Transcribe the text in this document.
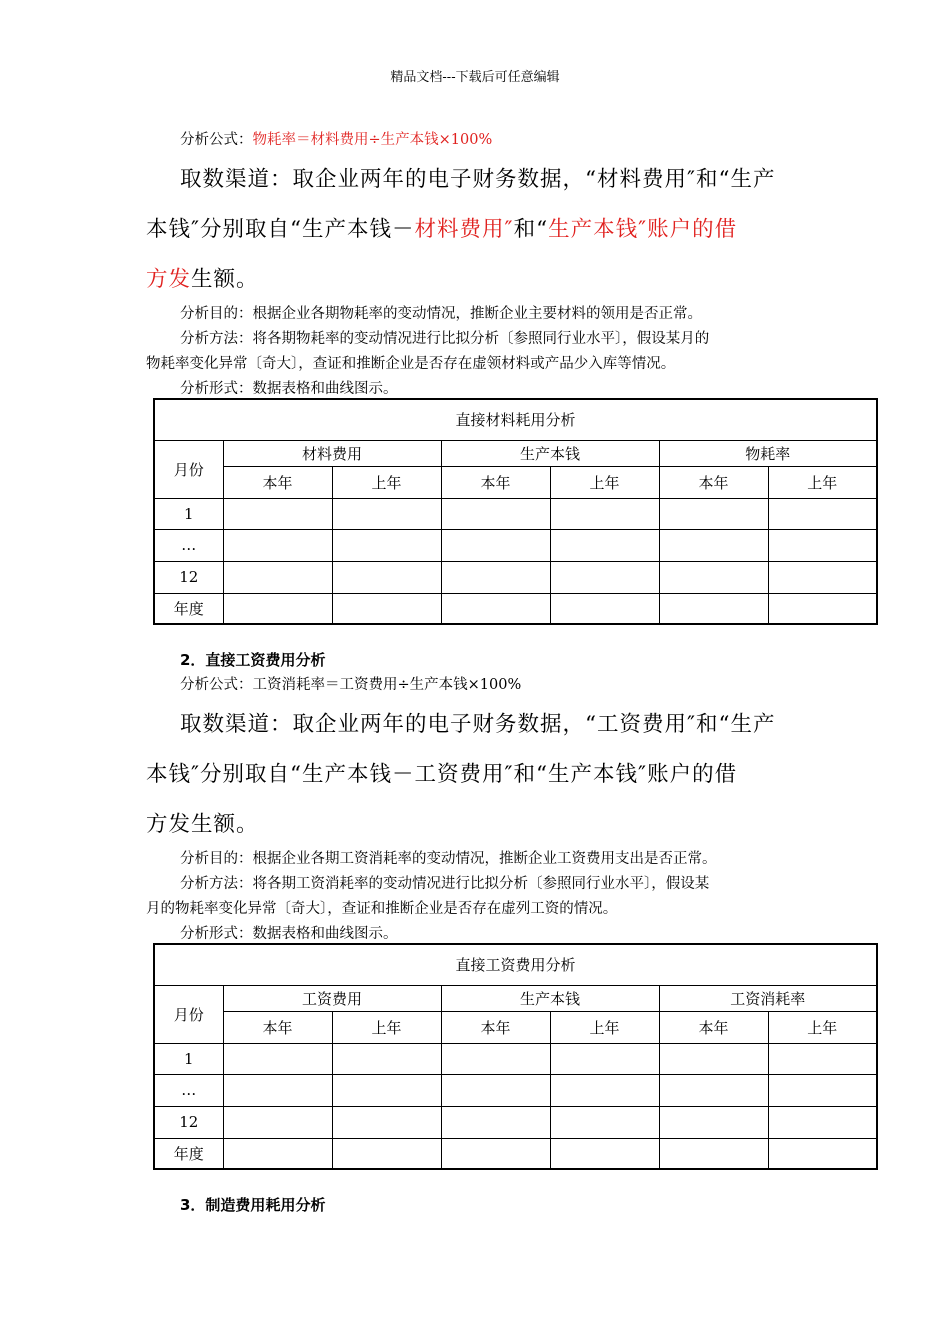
精品文档---下载后可任意编辑
分析公式：物耗率＝材料费用÷生产本钱×100%
取数渠道：取企业两年的电子财务数据，“材料费用″和“生产
本钱″分别取自“生产本钱－材料费用″和“生产本钱″账户的借
方发生额。
分析目的：根据企业各期物耗率的变动情况，推断企业主要材料的领用是否正常。
分析方法：将各期物耗率的变动情况进行比拟分析〔参照同行业水平〕，假设某月的
物耗率变化异常〔奇大〕，查证和推断企业是否存在虚领材料或产品少入库等情况。
分析形式：数据表格和曲线图示。
直接材料耗用分析						
月份	材料费用		生产本钱		物耗率	
	本年	上年	本年	上年	本年	上年
1						
…						
12						
年度						
2．直接工资费用分析
分析公式：工资消耗率＝工资费用÷生产本钱×100%
取数渠道：取企业两年的电子财务数据，“工资费用″和“生产
本钱″分别取自“生产本钱－工资费用″和“生产本钱″账户的借
方发生额。
分析目的：根据企业各期工资消耗率的变动情况，推断企业工资费用支出是否正常。
分析方法：将各期工资消耗率的变动情况进行比拟分析〔参照同行业水平〕，假设某
月的物耗率变化异常〔奇大〕，查证和推断企业是否存在虚列工资的情况。
分析形式：数据表格和曲线图示。
直接工资费用分析						
月份	工资费用		生产本钱		工资消耗率	
	本年	上年	本年	上年	本年	上年
1						
…						
12						
年度						
3．制造费用耗用分析
